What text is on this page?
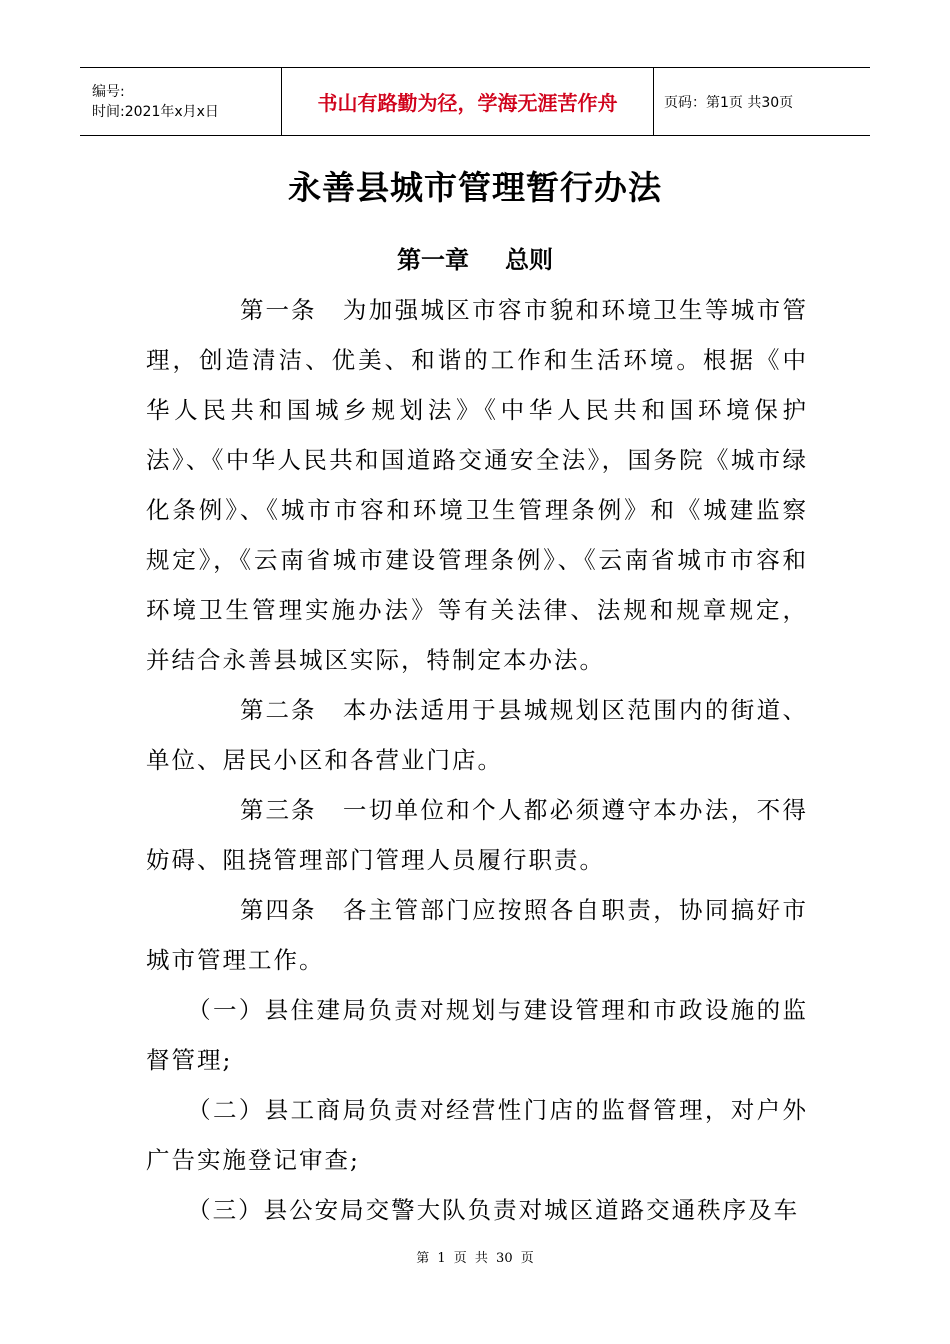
编号:
时间:2021年x月x日	书山有路勤为径，学海无涯苦作舟	页码：第1页 共30页
永善县城市管理暂行办法
第一章 总则

第一条 为加强城区市容市貌和环境卫生等城市管理，创造清洁、优美、和谐的工作和生活环境。根据《中华人民共和国城乡规划法》《中华人民共和国环境保护法》、《中华人民共和国道路交通安全法》，国务院《城市绿化条例》、《城市市容和环境卫生管理条例》和《城建监察规定》，《云南省城市建设管理条例》、《云南省城市市容和环境卫生管理实施办法》等有关法律、法规和规章规定，并结合永善县城区实际，特制定本办法。

第二条 本办法适用于县城规划区范围内的街道、单位、居民小区和各营业门店。

第三条 一切单位和个人都必须遵守本办法，不得妨碍、阻挠管理部门管理人员履行职责。

第四条 各主管部门应按照各自职责，协同搞好市城市管理工作。

（一）县住建局负责对规划与建设管理和市政设施的监督管理;

（二）县工商局负责对经营性门店的监督管理，对户外广告实施登记审查;

（三）县公安局交警大队负责对城区道路交通秩序及车

第 1 页 共 30 页
